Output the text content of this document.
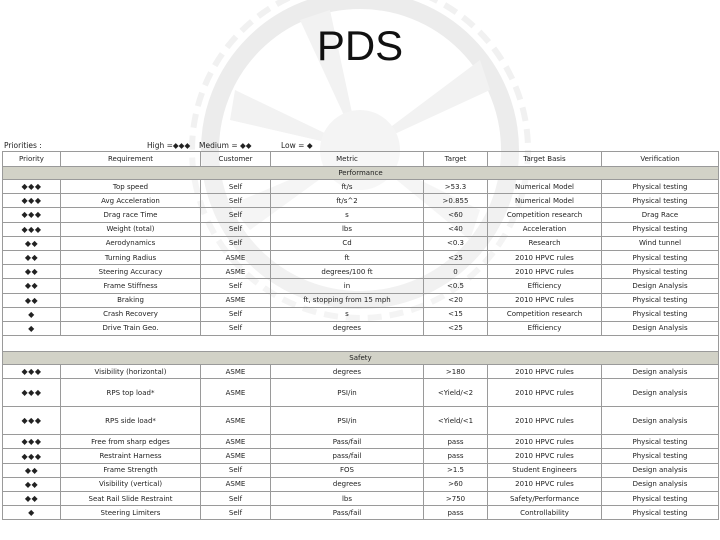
PDS
Priorities :	High =◆◆◆ Medium = ◆◆	Low = ◆
Priority	Requirement	Customer	Metric	Target	Target Basis	Verification
Performance						
◆◆◆	Top speed	Self	ft/s	>53.3	Numerical Model	Physical testing
◆◆◆	Avg Acceleration	Self	ft/s^2	>0.855	Numerical Model	Physical testing
◆◆◆	Drag race Time	Self	s	<60	Competition research	Drag Race
◆◆◆	Weight (total)	Self	lbs	<40	Acceleration	Physical testing
◆◆	Aerodynamics	Self	Cd	<0.3	Research	Wind tunnel
◆◆	Turning Radius	ASME	ft	<25	2010 HPVC rules	Physical testing
◆◆	Steering Accuracy	ASME	degrees/100 ft	0	2010 HPVC rules	Physical testing
◆◆	Frame Stiffness	Self	in	<0.5	Efficiency	Design Analysis
◆◆	Braking	ASME	ft, stopping from 15 mph	<20	2010 HPVC rules	Physical testing
◆	Crash Recovery	Self	s	<15	Competition research	Physical testing
◆	Drive Train Geo.	Self	degrees	<25	Efficiency	Design Analysis

Safety						
◆◆◆	Visibility (horizontal)	ASME	degrees	>180	2010 HPVC rules	Design analysis
◆◆◆	RPS top load*	ASME	PSI/in	<Yield/<2	2010 HPVC rules	Design analysis
◆◆◆	RPS side load*	ASME	PSI/in	<Yield/<1	2010 HPVC rules	Design analysis
◆◆◆	Free from sharp edges	ASME	Pass/fail	pass	2010 HPVC rules	Physical testing
◆◆◆	Restraint Harness	ASME	pass/fail	pass	2010 HPVC rules	Physical testing
◆◆	Frame Strength	Self	FOS	>1.5	Student Engineers	Design analysis
◆◆	Visibility (vertical)	ASME	degrees	>60	2010 HPVC rules	Design analysis
◆◆	Seat Rail Slide Restraint	Self	lbs	>750	Safety/Performance	Physical testing
◆	Steering Limiters	Self	Pass/fail	pass	Controllability	Physical testing
